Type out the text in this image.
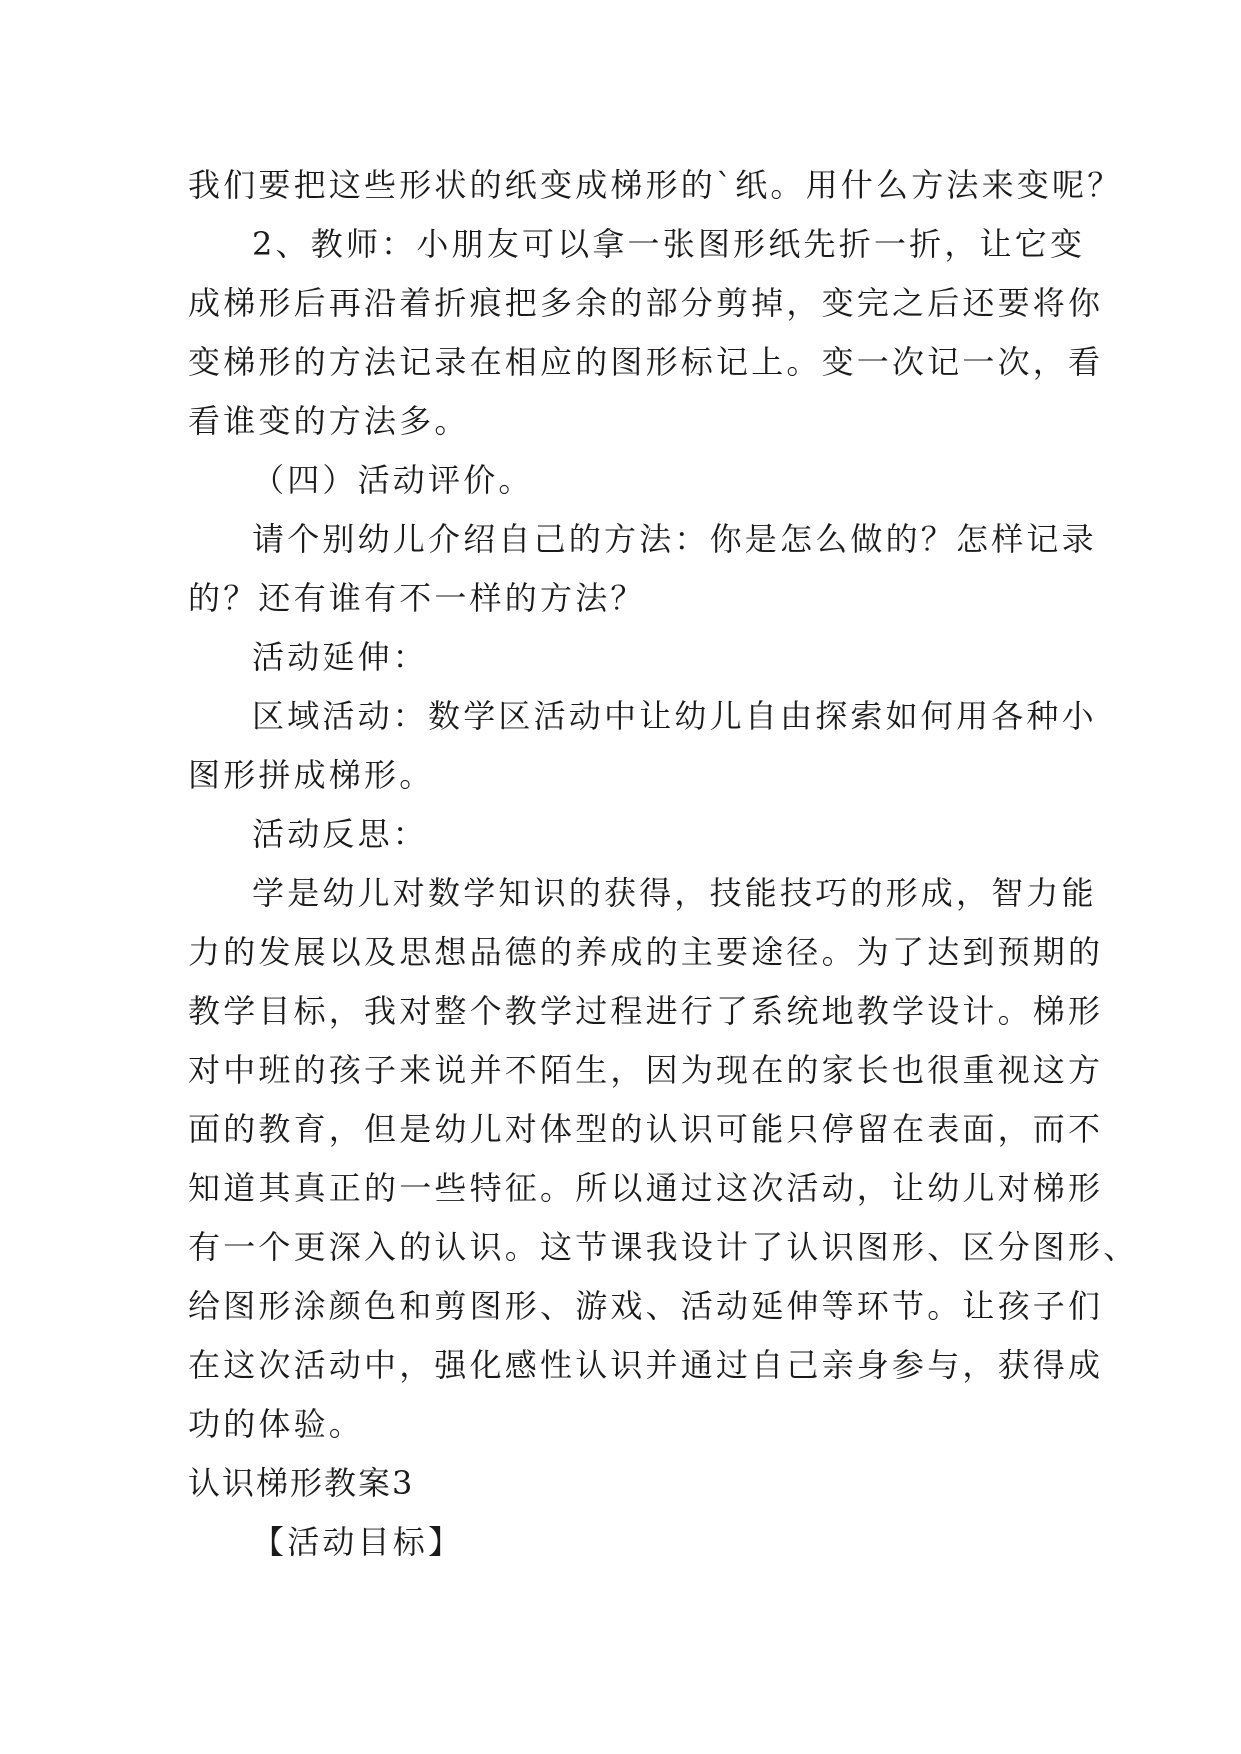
我们要把这些形状的纸变成梯形的`纸。用什么方法来变呢？
2、教师：小朋友可以拿一张图形纸先折一折，让它变
成梯形后再沿着折痕把多余的部分剪掉，变完之后还要将你
变梯形的方法记录在相应的图形标记上。变一次记一次，看
看谁变的方法多。
（四）活动评价。
请个别幼儿介绍自己的方法：你是怎么做的？怎样记录
的？还有谁有不一样的方法？
活动延伸：
区域活动：数学区活动中让幼儿自由探索如何用各种小
图形拼成梯形。
活动反思：
学是幼儿对数学知识的获得，技能技巧的形成，智力能
力的发展以及思想品德的养成的主要途径。为了达到预期的
教学目标，我对整个教学过程进行了系统地教学设计。梯形
对中班的孩子来说并不陌生，因为现在的家长也很重视这方
面的教育，但是幼儿对体型的认识可能只停留在表面，而不
知道其真正的一些特征。所以通过这次活动，让幼儿对梯形
有一个更深入的认识。这节课我设计了认识图形、区分图形、
给图形涂颜色和剪图形、游戏、活动延伸等环节。让孩子们
在这次活动中，强化感性认识并通过自己亲身参与，获得成
功的体验。
认识梯形教案3
【活动目标】
